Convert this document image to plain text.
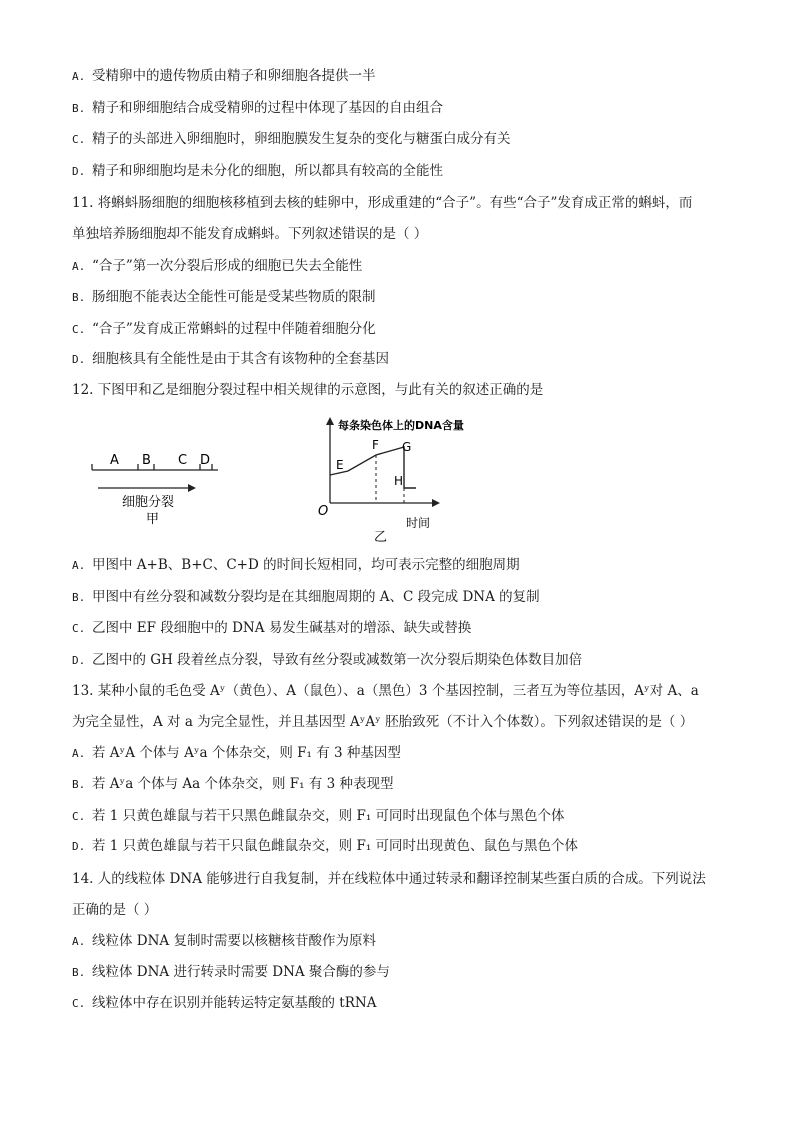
A. 受精卵中的遗传物质由精子和卵细胞各提供一半
B. 精子和卵细胞结合成受精卵的过程中体现了基因的自由组合
C. 精子的头部进入卵细胞时，卵细胞膜发生复杂的变化与糖蛋白成分有关
D. 精子和卵细胞均是未分化的细胞，所以都具有较高的全能性
11. 将蝌蚪肠细胞的细胞核移植到去核的蛙卵中，形成重建的“合子”。有些“合子”发育成正常的蝌蚪，而
单独培养肠细胞却不能发育成蝌蚪。下列叙述错误的是（ ）
A. “合子”第一次分裂后形成的细胞已失去全能性
B. 肠细胞不能表达全能性可能是受某些物质的限制
C. “合子”发育成正常蝌蚪的过程中伴随着细胞分化
D. 细胞核具有全能性是由于其含有该物种的全套基因
12. 下图甲和乙是细胞分裂过程中相关规律的示意图，与此有关的叙述正确的是
A B C D
细胞分裂
甲
每条染色体上的DNA含量
O
时间
E
F G
H
乙
A. 甲图中 A+B、B+C、C+D 的时间长短相同，均可表示完整的细胞周期
B. 甲图中有丝分裂和减数分裂均是在其细胞周期的 A、C 段完成 DNA 的复制
C. 乙图中 EF 段细胞中的 DNA 易发生碱基对的增添、缺失或替换
D. 乙图中的 GH 段着丝点分裂，导致有丝分裂或减数第一次分裂后期染色体数目加倍
13. 某种小鼠的毛色受 Aʸ（黄色）、A（鼠色）、a（黑色）3 个基因控制，三者互为等位基因，Aʸ对 A、a
为完全显性，A 对 a 为完全显性，并且基因型 AʸAʸ 胚胎致死（不计入个体数）。下列叙述错误的是（ ）
A. 若 AʸA 个体与 Aʸa 个体杂交，则 F₁ 有 3 种基因型
B. 若 Aʸa 个体与 Aa 个体杂交，则 F₁ 有 3 种表现型
C. 若 1 只黄色雄鼠与若干只黑色雌鼠杂交，则 F₁ 可同时出现鼠色个体与黑色个体
D. 若 1 只黄色雄鼠与若干只鼠色雌鼠杂交，则 F₁ 可同时出现黄色、鼠色与黑色个体
14. 人的线粒体 DNA 能够进行自我复制，并在线粒体中通过转录和翻译控制某些蛋白质的合成。下列说法
正确的是（ ）
A. 线粒体 DNA 复制时需要以核糖核苷酸作为原料
B. 线粒体 DNA 进行转录时需要 DNA 聚合酶的参与
C. 线粒体中存在识别并能转运特定氨基酸的 tRNA
